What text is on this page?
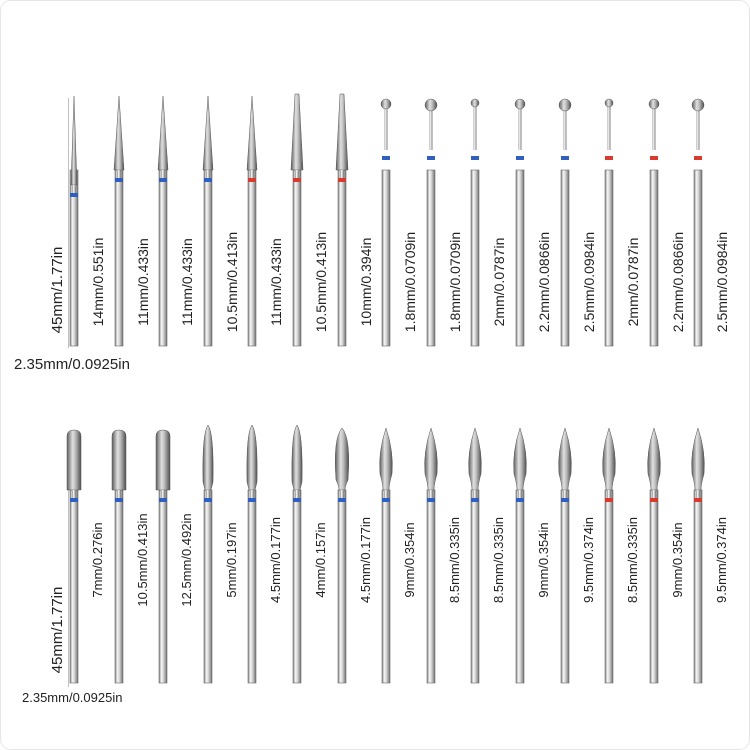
45mm/1.77in
2.35mm/0.0925in
45mm/1.77in
2.35mm/0.0925in
14mm/0.551in 11mm/0.433in 11mm/0.433in 10.5mm/0.413in 11mm/0.433in 10.5mm/0.413in 10mm/0.394in 1.8mm/0.0709in 1.8mm/0.0709in 2mm/0.0787in 2.2mm/0.0866in 2.5mm/0.0984in 2mm/0.0787in 2.2mm/0.0866in 2.5mm/0.0984in
7mm/0.276in 10.5mm/0.413in 12.5mm/0.492in 5mm/0.197in 4.5mm/0.177in 4mm/0.157in 4.5mm/0.177in 9mm/0.354in 8.5mm/0.335in 8.5mm/0.335in 9mm/0.354in 9.5mm/0.374in 8.5mm/0.335in 9mm/0.354in 9.5mm/0.374in
